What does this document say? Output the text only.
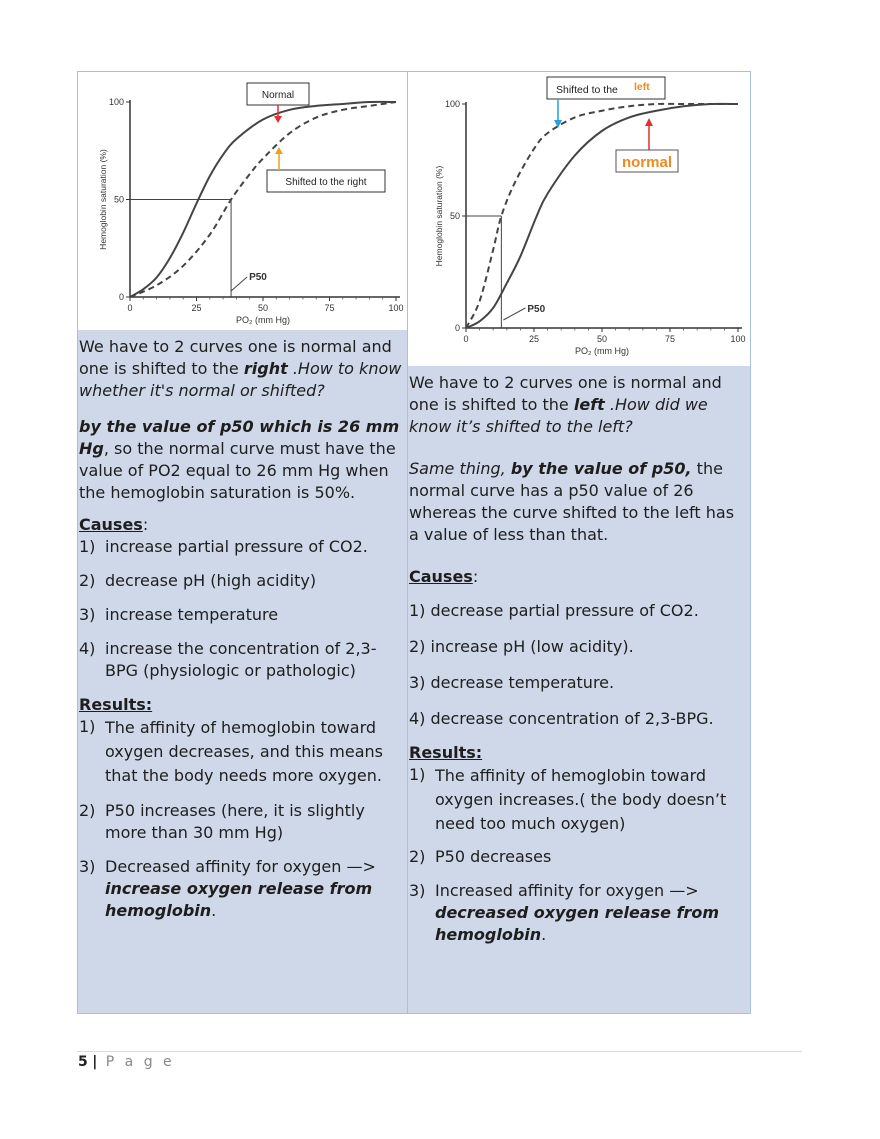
0	25	50	75	100
0
50
100
PO₂ (mm Hg)
Hemoglobin saturation (%)
P50
Normal
Shifted to the right

We have to 2 curves one is normal and one is shifted to the right .How to know whether it's normal or shifted?

by the value of p50 which is 26 mm Hg, so the normal curve must have the value of PO2 equal to 26 mm Hg when the hemoglobin saturation is 50%.

Causes:

1) increase partial pressure of CO2.
2) decrease pH (high acidity)
3) increase temperature
4) increase the concentration of 2,3-BPG (physiologic or pathologic)

Results:

1) The affinity of hemoglobin toward oxygen decreases, and this means that the body needs more oxygen.
2) P50 increases (here, it is slightly more than 30 mm Hg)
3) Decreased affinity for oxygen —> increase oxygen release from hemoglobin.
0	25	50	75	100
0
50
100
PO₂ (mm Hg)
Hemoglobin saturation (%)
P50
Shifted to the left
normal

We have to 2 curves one is normal and one is shifted to the left .How did we know it’s shifted to the left?

Same thing, by the value of p50, the normal curve has a p50 value of 26 whereas the curve shifted to the left has a value of less than that.

Causes:

1) decrease partial pressure of CO2.

2) increase pH (low acidity).

3) decrease temperature.

4) decrease concentration of 2,3-BPG.

Results:

1) The affinity of hemoglobin toward oxygen increases.( the body doesn’t need too much oxygen)
2) P50 decreases
3) Increased affinity for oxygen —> decreased oxygen release from hemoglobin.
5 | P a g e
